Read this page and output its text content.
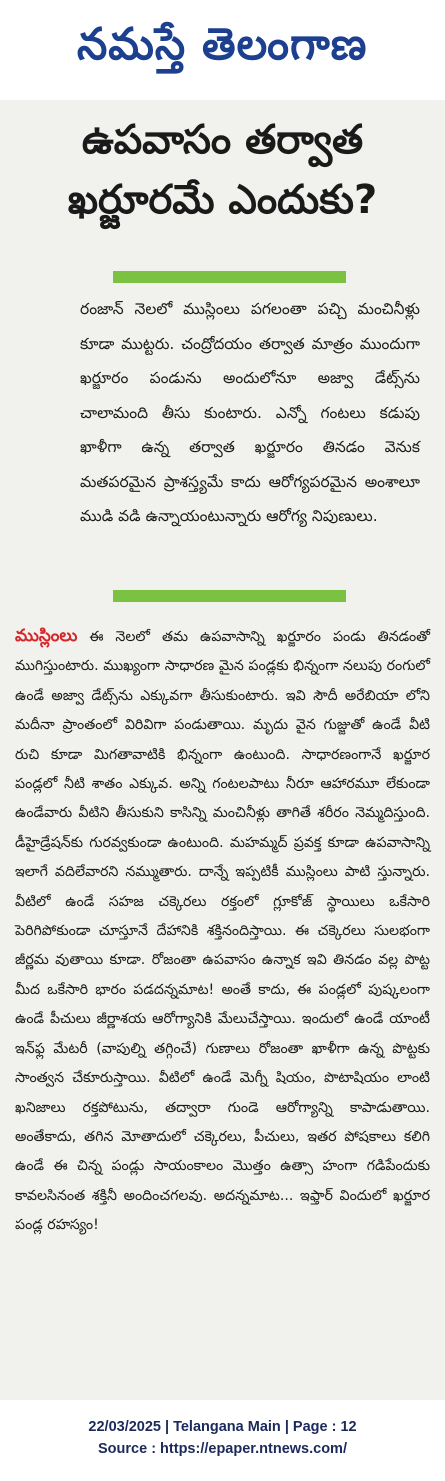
నమస్తే తెలంగాణ
ఉపవాసం తర్వాత ఖర్జూరమే ఎందుకు?

రంజాన్ నెలలో ముస్లింలు పగలంతా పచ్చి మంచినీళ్లు కూడా ముట్టరు. చంద్రోదయం తర్వాత మాత్రం ముందుగా ఖర్జూరం పండును అందులోనూ అజ్వా డేట్స్‌ను చాలామంది తీసు కుంటారు. ఎన్నో గంటలు కడుపు ఖాళీగా ఉన్న తర్వాత ఖర్జూరం తినడం వెనుక మతపరమైన ప్రాశస్త్యమే కాదు ఆరోగ్యపరమైన అంశాలూ ముడి వడి ఉన్నాయంటున్నారు ఆరోగ్య నిపుణులు.

ముస్లింలు ఈ నెలలో తమ ఉపవాసాన్ని ఖర్జూరం పండు తినడంతో ముగిస్తుంటారు. ముఖ్యంగా సాధారణ మైన పండ్లకు భిన్నంగా నలుపు రంగులో ఉండే అజ్వా డేట్స్‌ను ఎక్కువగా తీసుకుంటారు. ఇవి సౌదీ అరేబియా లోని మదీనా ప్రాంతంలో విరివిగా పండుతాయి. మృదు వైన గుజ్జుతో ఉండే వీటి రుచి కూడా మిగతావాటికి భిన్నంగా ఉంటుంది. సాధారణంగానే ఖర్జూర పండ్లలో నీటి శాతం ఎక్కువ. అన్ని గంటలపాటు నీరూ ఆహారమూ లేకుండా ఉండేవారు వీటిని తీసుకుని కాసిన్ని మంచినీళ్లు తాగితే శరీరం నెమ్మదిస్తుంది. డీహైడ్రేషన్‌కు గురవ్వకుండా ఉంటుంది. మహమ్మద్ ప్రవక్త కూడా ఉపవాసాన్ని ఇలాగే వదిలేవారని నమ్ముతారు. దాన్నే ఇప్పటికీ ముస్లింలు పాటి స్తున్నారు. వీటిలో ఉండే సహజ చక్కెరలు రక్తంలో గ్లూకోజ్ స్థాయిలు ఒకేసారి పెరిగిపోకుండా చూస్తూనే దేహానికి శక్తినందిస్తాయి. ఈ చక్కెరలు సులభంగా జీర్ణమ వుతాయి కూడా. రోజంతా ఉపవాసం ఉన్నాక ఇవి తినడం వల్ల పొట్ట మీద ఒకేసారి భారం పడదన్నమాట! అంతే కాదు, ఈ పండ్లలో పుష్కలంగా ఉండే పీచులు జీర్ణాశయ ఆరోగ్యానికి మేలుచేస్తాయి. ఇందులో ఉండే యాంటీ ఇన్‌ఫ్ల మేటరీ (వాపుల్ని తగ్గించే) గుణాలు రోజంతా ఖాళీగా ఉన్న పొట్టకు సాంత్వన చేకూరుస్తాయి. వీటిలో ఉండే మెగ్నీ షియం, పొటాషియం లాంటి ఖనిజాలు రక్తపోటును, తద్వారా గుండె ఆరోగ్యాన్ని కాపాడుతాయి. అంతేకాదు, తగిన మోతాదులో చక్కెరలు, పీచులు, ఇతర పోషకాలు కలిగి ఉండే ఈ చిన్న పండ్లు సాయంకాలం మొత్తం ఉత్సా హంగా గడిపేందుకు కావలసినంత శక్తినీ అందించగలవు. అదన్నమాట... ఇఫ్తార్ విందులో ఖర్జూర పండ్ల రహస్యం!

22/03/2025 | Telangana Main | Page : 12
Source : https://epaper.ntnews.com/
